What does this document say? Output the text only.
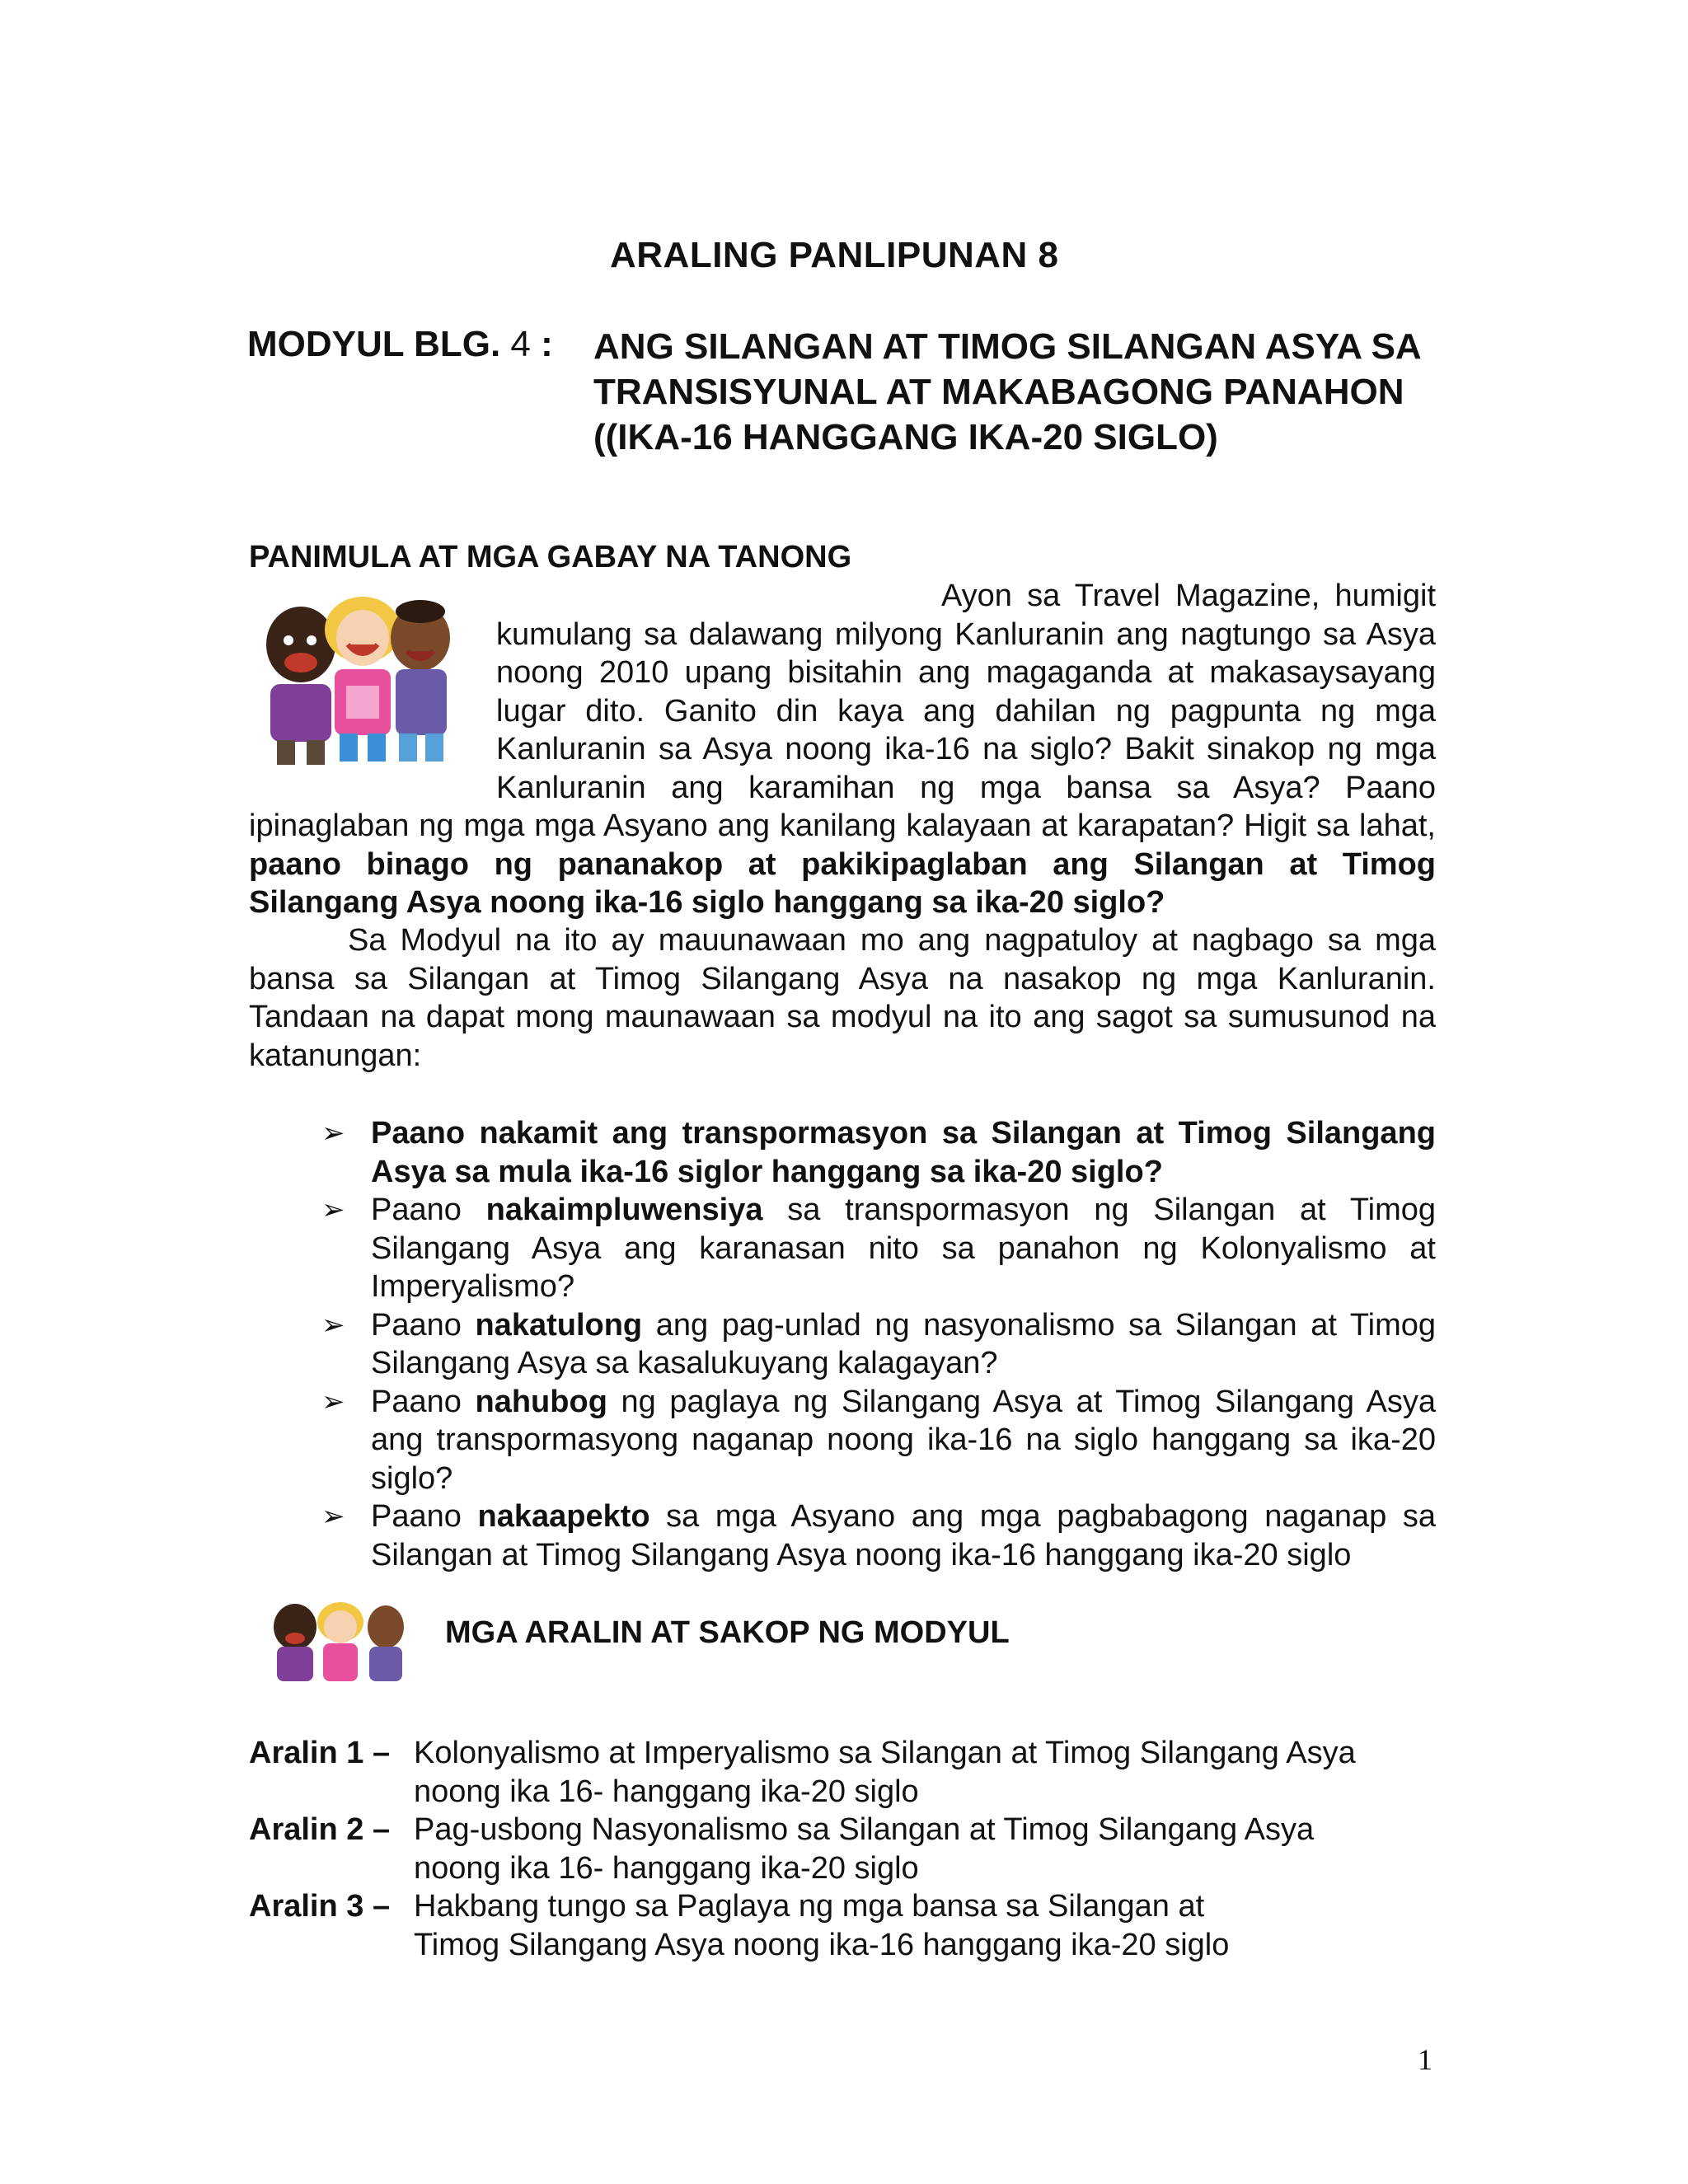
ARALING PANLIPUNAN 8
MODYUL BLG. 4 : ANG SILANGAN AT TIMOG SILANGAN ASYA SA TRANSISYUNAL AT MAKABAGONG PANAHON ((IKA-16 HANGGANG IKA-20 SIGLO)
PANIMULA AT MGA GABAY NA TANONG
Ayon sa Travel Magazine, humigit kumulang sa dalawang milyong Kanluranin ang nagtungo sa Asya noong 2010 upang bisitahin ang magaganda at makasaysayang lugar dito. Ganito din kaya ang dahilan ng pagpunta ng mga Kanluranin sa Asya noong ika-16 na siglo? Bakit sinakop ng mga Kanluranin ang karamihan ng mga bansa sa Asya? Paano ipinaglaban ng mga mga Asyano ang kanilang kalayaan at karapatan? Higit sa lahat, paano binago ng pananakop at pakikipaglaban ang Silangan at Timog Silangang Asya noong ika-16 siglo hanggang sa ika-20 siglo?
Sa Modyul na ito ay mauunawaan mo ang nagpatuloy at nagbago sa mga bansa sa Silangan at Timog Silangang Asya na nasakop ng mga Kanluranin. Tandaan na dapat mong maunawaan sa modyul na ito ang sagot sa sumusunod na katanungan:
➢ Paano nakamit ang transpormasyon sa Silangan at Timog Silangang Asya sa mula ika-16 siglor hanggang sa ika-20 siglo?
➢ Paano nakaimpluwensiya sa transpormasyon ng Silangan at Timog Silangang Asya ang karanasan nito sa panahon ng Kolonyalismo at Imperyalismo?
➢ Paano nakatulong ang pag-unlad ng nasyonalismo sa Silangan at Timog Silangang Asya sa kasalukuyang kalagayan?
➢ Paano nahubog ng paglaya ng Silangang Asya at Timog Silangang Asya ang transpormasyong naganap noong ika-16 na siglo hanggang sa ika-20 siglo?
➢ Paano nakaapekto sa mga Asyano ang mga pagbabagong naganap sa Silangan at Timog Silangang Asya noong ika-16 hanggang ika-20 siglo
MGA ARALIN AT SAKOP NG MODYUL
Aralin 1 – Kolonyalismo at Imperyalismo sa Silangan at Timog Silangang Asya
noong ika 16- hanggang ika-20 siglo
Aralin 2 – Pag-usbong Nasyonalismo sa Silangan at Timog Silangang Asya
noong ika 16- hanggang ika-20 siglo
Aralin 3 – Hakbang tungo sa Paglaya ng mga bansa sa Silangan at
Timog Silangang Asya noong ika-16 hanggang ika-20 siglo
1
